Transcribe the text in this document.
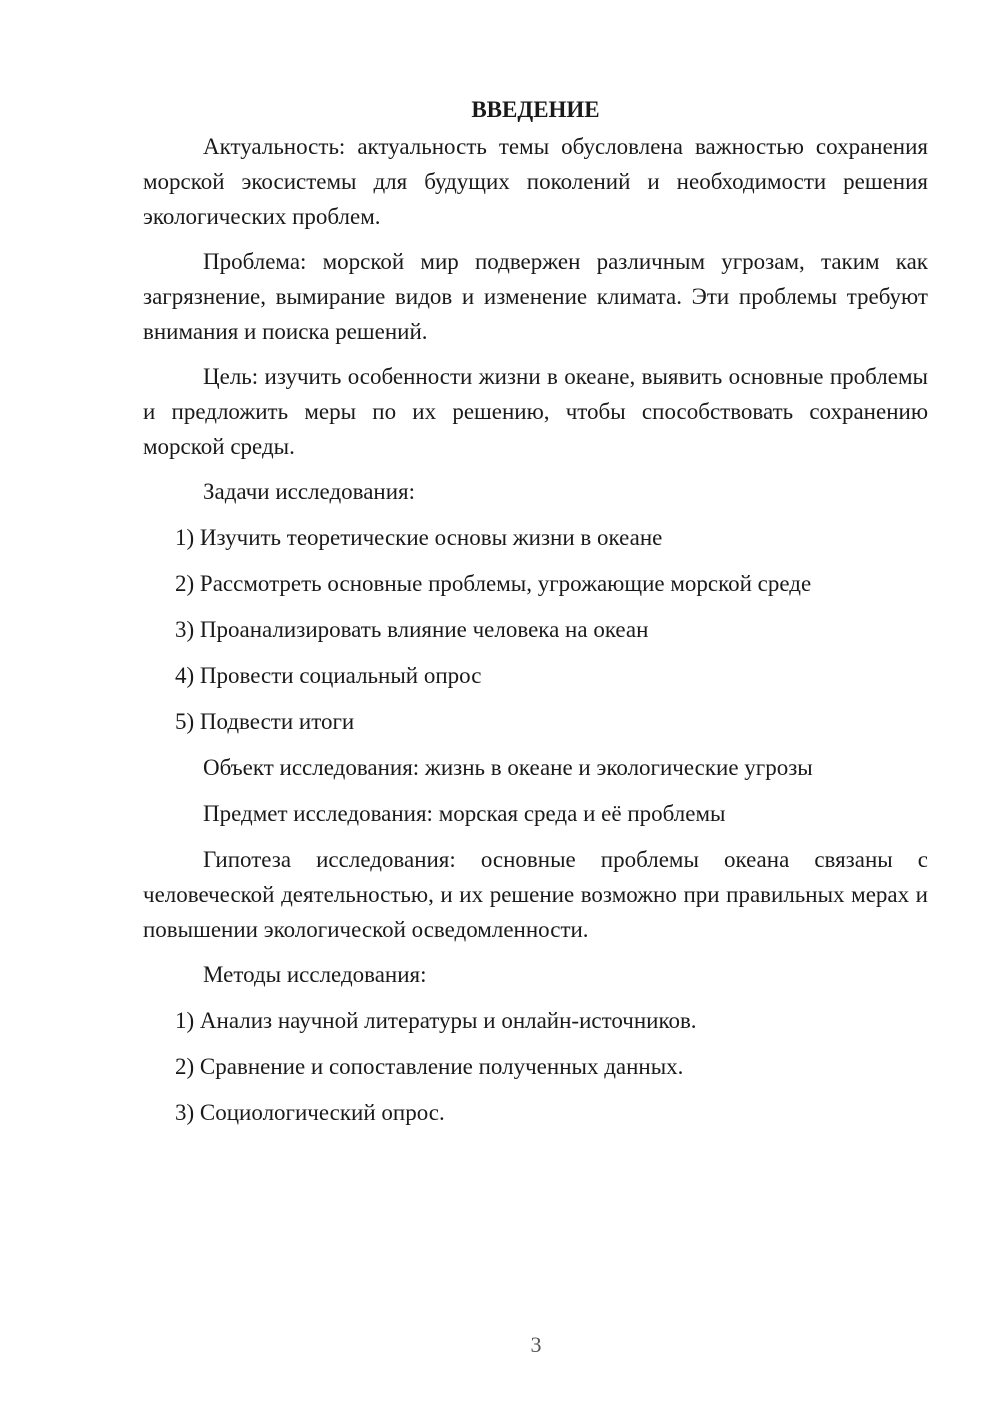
ВВЕДЕНИЕ

Актуальность: актуальность темы обусловлена важностью сохранения морской экосистемы для будущих поколений и необходимости решения экологических проблем.

Проблема: морской мир подвержен различным угрозам, таким как загрязнение, вымирание видов и изменение климата. Эти проблемы требуют внимания и поиска решений.

Цель: изучить особенности жизни в океане, выявить основные проблемы и предложить меры по их решению, чтобы способствовать сохранению морской среды.

Задачи исследования:

1) Изучить теоретические основы жизни в океане
2) Рассмотреть основные проблемы, угрожающие морской среде
3) Проанализировать влияние человека на океан
4) Провести социальный опрос
5) Подвести итоги

Объект исследования: жизнь в океане и экологические угрозы

Предмет исследования: морская среда и её проблемы

Гипотеза исследования: основные проблемы океана связаны с человеческой деятельностью, и их решение возможно при правильных мерах и повышении экологической осведомленности.

Методы исследования:

1) Анализ научной литературы и онлайн-источников.
2) Сравнение и сопоставление полученных данных.
3) Социологический опрос.
3
